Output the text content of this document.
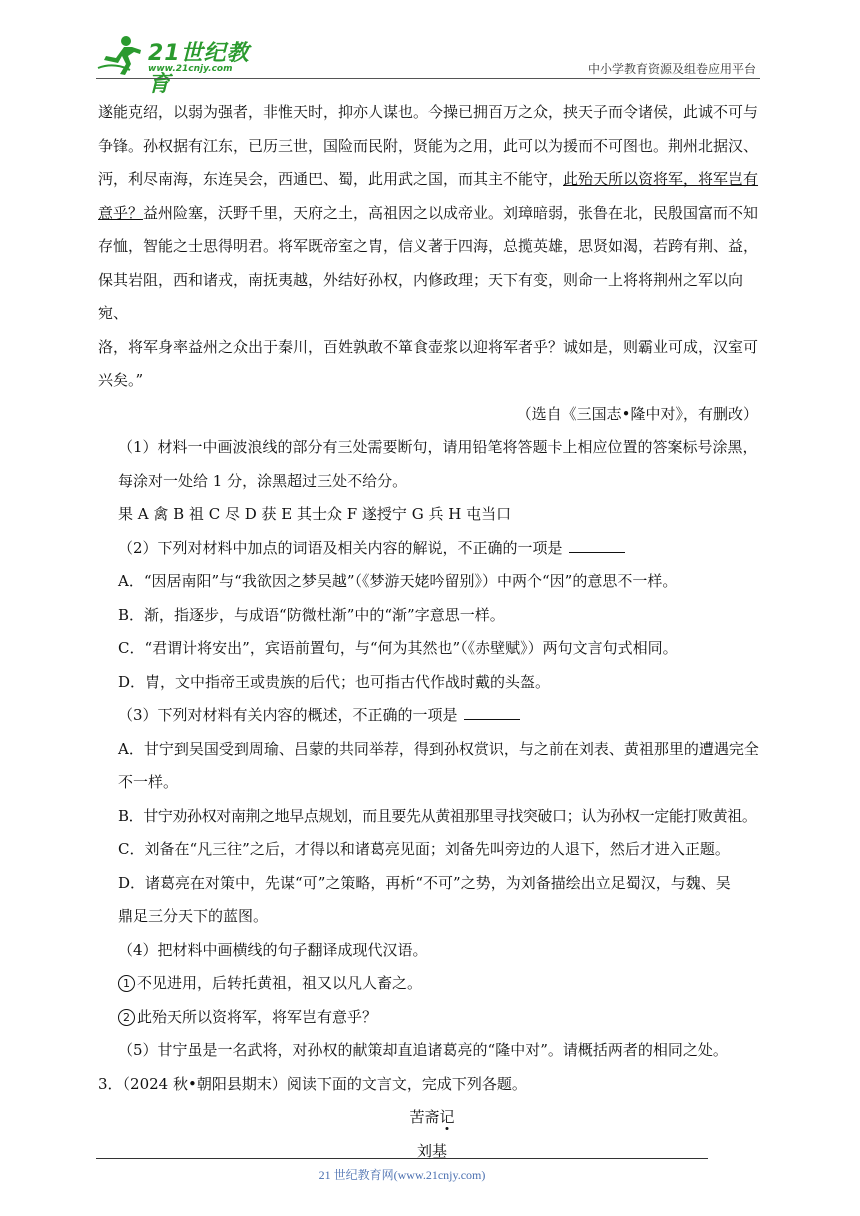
21世纪教育
www.21cnjy.com	中小学教育资源及组卷应用平台

遂能克绍，以弱为强者，非惟天时，抑亦人谋也。今操已拥百万之众，挟天子而令诸侯，此诚不可与

争锋。孙权据有江东，已历三世，国险而民附，贤能为之用，此可以为援而不可图也。荆州北据汉、

沔，利尽南海，东连吴会，西通巴、蜀，此用武之国，而其主不能守，此殆天所以资将军，将军岂有

意乎？益州险塞，沃野千里，天府之土，高祖因之以成帝业。刘璋暗弱，张鲁在北，民殷国富而不知

存恤，智能之士思得明君。将军既帝室之胄，信义著于四海，总揽英雄，思贤如渴，若跨有荆、益，

保其岩阻，西和诸戎，南抚夷越，外结好孙权，内修政理；天下有变，则命一上将将荆州之军以向宛、

洛，将军身率益州之众出于秦川，百姓孰敢不箪食壶浆以迎将军者乎？诚如是，则霸业可成，汉室可

兴矣。”

（选自《三国志•隆中对》，有删改）

（1）材料一中画波浪线的部分有三处需要断句，请用铅笔将答题卡上相应位置的答案标号涂黑，

每涂对一处给 1 分，涂黑超过三处不给分。

果 A 禽 B 祖 C 尽 D 获 E 其士众 F 遂授宁 G 兵 H 屯当口

（2）下列对材料中加点的词语及相关内容的解说，不正确的一项是

A．“因居南阳”与“我欲因之梦吴越”（《梦游天姥吟留别》）中两个“因”的意思不一样。

B．渐，指逐步，与成语“防微杜渐”中的“渐”字意思一样。

C．“君谓计将安出”，宾语前置句，与“何为其然也”（《赤壁赋》）两句文言句式相同。

D．胄，文中指帝王或贵族的后代；也可指古代作战时戴的头盔。

（3）下列对材料有关内容的概述，不正确的一项是

A．甘宁到吴国受到周瑜、吕蒙的共同举荐，得到孙权赏识，与之前在刘表、黄祖那里的遭遇完全

不一样。

B．甘宁劝孙权对南荆之地早点规划，而且要先从黄祖那里寻找突破口；认为孙权一定能打败黄祖。

C．刘备在“凡三往”之后，才得以和诸葛亮见面；刘备先叫旁边的人退下，然后才进入正题。

D．诸葛亮在对策中，先谋“可”之策略，再析“不可”之势，为刘备描绘出立足蜀汉，与魏、吴

鼎足三分天下的蓝图。

（4）把材料中画横线的句子翻译成现代汉语。

1 不见进用，后转托黄祖，祖又以凡人畜之。

2 此殆天所以资将军，将军岂有意乎？

（5）甘宁虽是一名武将，对孙权的献策却直追诸葛亮的“隆中对”。请概括两者的相同之处。

3．（2024 秋•朝阳县期末）阅读下面的文言文，完成下列各题。

苦斋记

刘基

21 世纪教育网(www.21cnjy.com)
